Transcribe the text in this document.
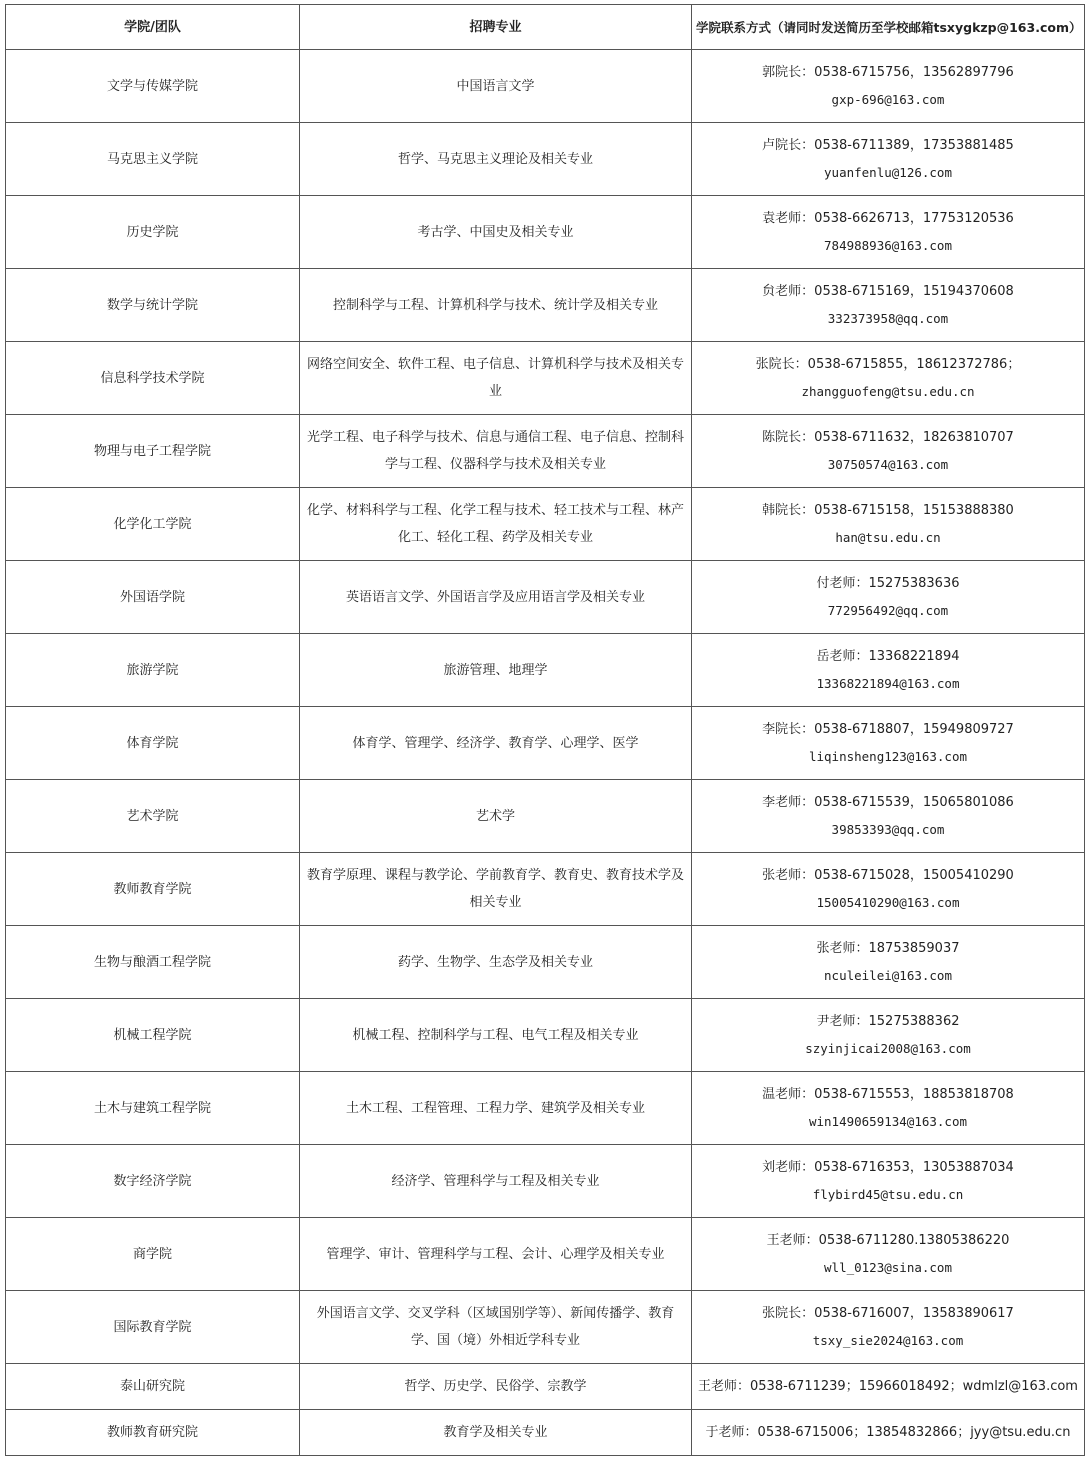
学院/团队	招聘专业	学院联系方式（请同时发送简历至学校邮箱tsxygkzp@163.com）
文学与传媒学院	中国语言文学	郭院长：0538-6715756，13562897796
gxp-696@163.com

马克思主义学院	哲学、马克思主义理论及相关专业	卢院长：0538-6711389，17353881485
yuanfenlu@126.com

历史学院	考古学、中国史及相关专业	袁老师：0538-6626713，17753120536
784988936@163.com

数学与统计学院	控制科学与工程、计算机科学与技术、统计学及相关专业	贠老师：0538-6715169，15194370608
332373958@qq.com

信息科学技术学院	网络空间安全、软件工程、电子信息、计算机科学与技术及相关专业	张院长：0538-6715855，18612372786；
zhangguofeng@tsu.edu.cn

物理与电子工程学院	光学工程、电子科学与技术、信息与通信工程、电子信息、控制科学与工程、仪器科学与技术及相关专业	陈院长：0538-6711632，18263810707
30750574@163.com

化学化工学院	化学、材料科学与工程、化学工程与技术、轻工技术与工程、林产化工、轻化工程、药学及相关专业	韩院长：0538-6715158，15153888380
han@tsu.edu.cn

外国语学院	英语语言文学、外国语言学及应用语言学及相关专业	付老师：15275383636
772956492@qq.com

旅游学院	旅游管理、地理学	岳老师：13368221894
13368221894@163.com

体育学院	体育学、管理学、经济学、教育学、心理学、医学	李院长：0538-6718807，15949809727
liqinsheng123@163.com

艺术学院	艺术学	李老师：0538-6715539，15065801086
39853393@qq.com

教师教育学院	教育学原理、课程与教学论、学前教育学、教育史、教育技术学及相关专业	张老师：0538-6715028，15005410290
15005410290@163.com

生物与酿酒工程学院	药学、生物学、生态学及相关专业	张老师：18753859037
nculeilei@163.com

机械工程学院	机械工程、控制科学与工程、电气工程及相关专业	尹老师：15275388362
szyinjicai2008@163.com

土木与建筑工程学院	土木工程、工程管理、工程力学、建筑学及相关专业	温老师：0538-6715553，18853818708
win1490659134@163.com

数字经济学院	经济学、管理科学与工程及相关专业	刘老师：0538-6716353，13053887034
flybird45@tsu.edu.cn

商学院	管理学、审计、管理科学与工程、会计、心理学及相关专业	王老师：0538-6711280.13805386220
wll_0123@sina.com

国际教育学院	外国语言文学、交叉学科（区域国别学等）、新闻传播学、教育学、国（境）外相近学科专业	张院长：0538-6716007，13583890617
tsxy_sie2024@163.com

泰山研究院	哲学、历史学、民俗学、宗教学	王老师：0538-6711239；15966018492；wdmlzl@163.com
教师教育研究院	教育学及相关专业	于老师：0538-6715006；13854832866；jyy@tsu.edu.cn
